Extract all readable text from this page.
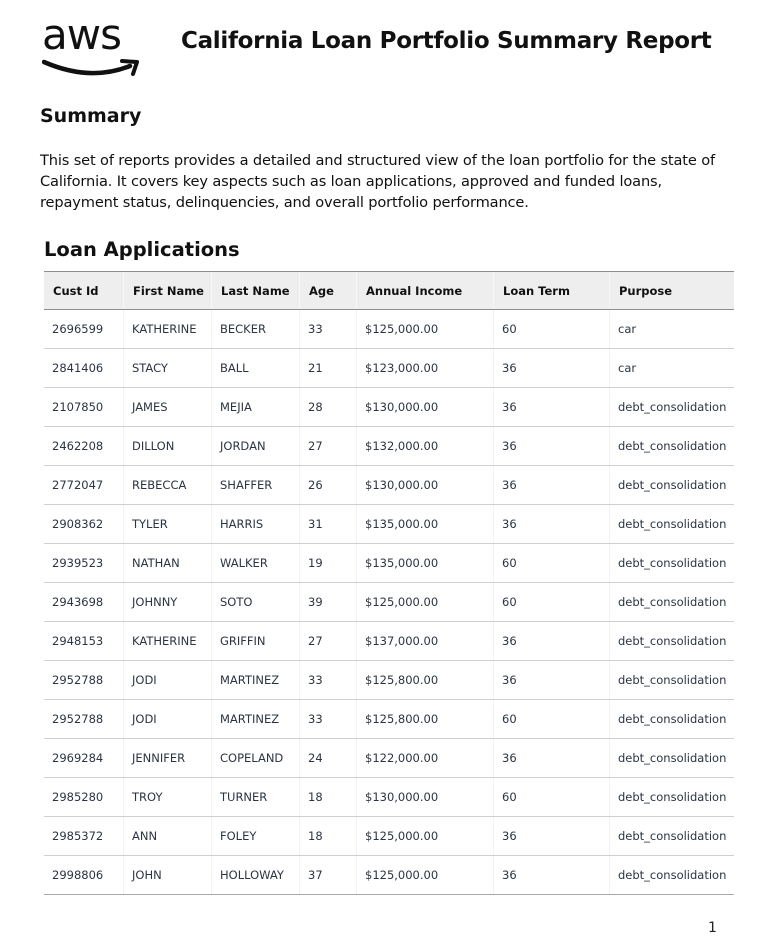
aws	California Loan Portfolio Summary Report
Summary
This set of reports provides a detailed and structured view of the loan portfolio for the state of California. It covers key aspects such as loan applications, approved and funded loans, repayment status, delinquencies, and overall portfolio performance.
Loan Applications
Cust Id	First Name	Last Name	Age	Annual Income	Loan Term	Purpose
2696599	KATHERINE	BECKER	33	$125,000.00	60	car
2841406	STACY	BALL	21	$123,000.00	36	car
2107850	JAMES	MEJIA	28	$130,000.00	36	debt_consolidation
2462208	DILLON	JORDAN	27	$132,000.00	36	debt_consolidation
2772047	REBECCA	SHAFFER	26	$130,000.00	36	debt_consolidation
2908362	TYLER	HARRIS	31	$135,000.00	36	debt_consolidation
2939523	NATHAN	WALKER	19	$135,000.00	60	debt_consolidation
2943698	JOHNNY	SOTO	39	$125,000.00	60	debt_consolidation
2948153	KATHERINE	GRIFFIN	27	$137,000.00	36	debt_consolidation
2952788	JODI	MARTINEZ	33	$125,800.00	36	debt_consolidation
2952788	JODI	MARTINEZ	33	$125,800.00	60	debt_consolidation
2969284	JENNIFER	COPELAND	24	$122,000.00	36	debt_consolidation
2985280	TROY	TURNER	18	$130,000.00	60	debt_consolidation
2985372	ANN	FOLEY	18	$125,000.00	36	debt_consolidation
2998806	JOHN	HOLLOWAY	37	$125,000.00	36	debt_consolidation
1
